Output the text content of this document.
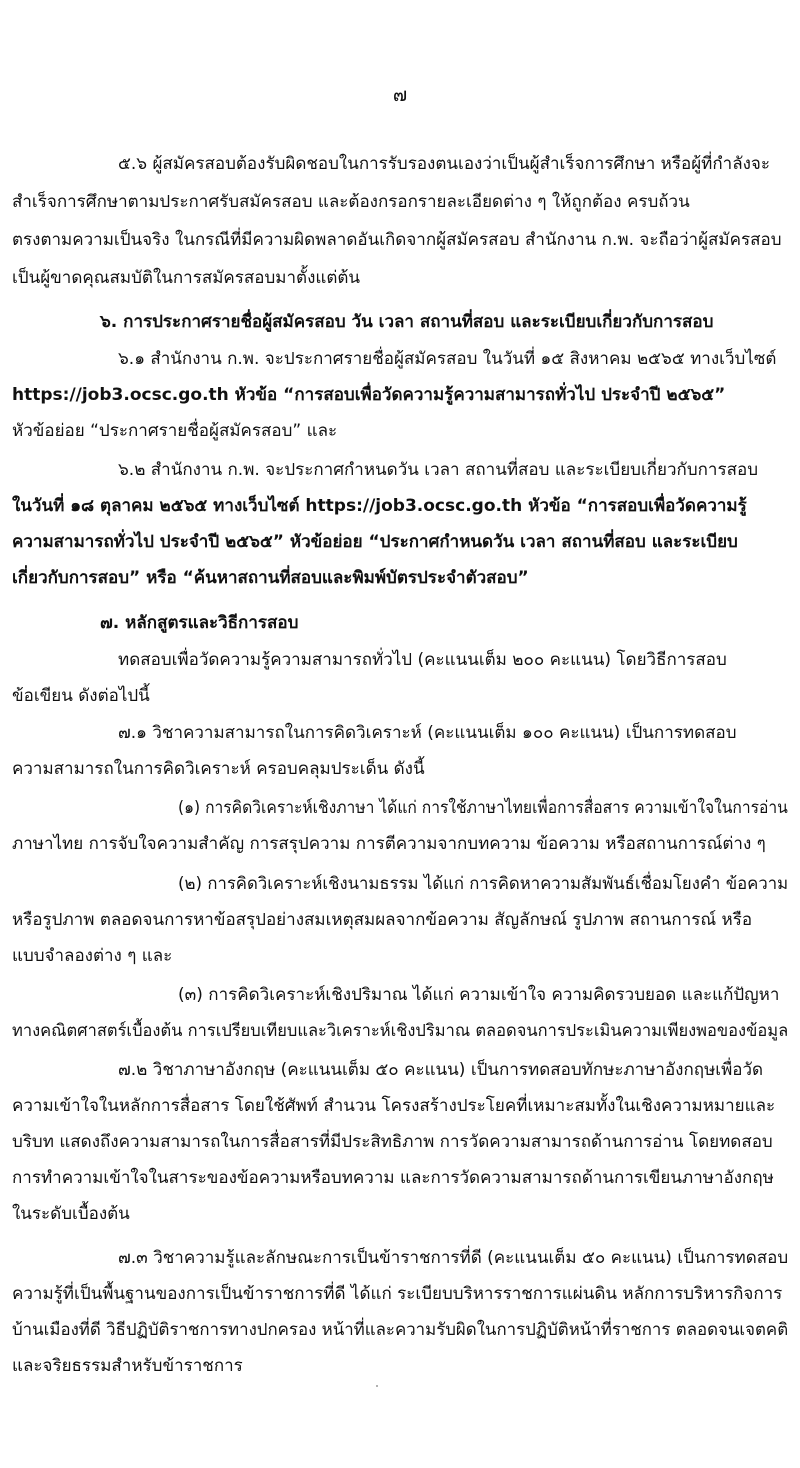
๗
๕.๖ ผู้สมัครสอบต้องรับผิดชอบในการรับรองตนเองว่าเป็นผู้สำเร็จการศึกษา หรือผู้ที่กำลังจะ
สำเร็จการศึกษาตามประกาศรับสมัครสอบ และต้องกรอกรายละเอียดต่าง ๆ ให้ถูกต้อง ครบถ้วน
ตรงตามความเป็นจริง ในกรณีที่มีความผิดพลาดอันเกิดจากผู้สมัครสอบ สำนักงาน ก.พ. จะถือว่าผู้สมัครสอบ
เป็นผู้ขาดคุณสมบัติในการสมัครสอบมาตั้งแต่ต้น
๖. การประกาศรายชื่อผู้สมัครสอบ วัน เวลา สถานที่สอบ และระเบียบเกี่ยวกับการสอบ
๖.๑ สำนักงาน ก.พ. จะประกาศรายชื่อผู้สมัครสอบ ในวันที่ ๑๕ สิงหาคม ๒๕๖๕ ทางเว็บไซต์
https://job3.ocsc.go.th หัวข้อ “การสอบเพื่อวัดความรู้ความสามารถทั่วไป ประจำปี ๒๕๖๕”
หัวข้อย่อย “ประกาศรายชื่อผู้สมัครสอบ” และ
๖.๒ สำนักงาน ก.พ. จะประกาศกำหนดวัน เวลา สถานที่สอบ และระเบียบเกี่ยวกับการสอบ
ในวันที่ ๑๘ ตุลาคม ๒๕๖๕ ทางเว็บไซต์ https://job3.ocsc.go.th หัวข้อ “การสอบเพื่อวัดความรู้
ความสามารถทั่วไป ประจำปี ๒๕๖๕” หัวข้อย่อย “ประกาศกำหนดวัน เวลา สถานที่สอบ และระเบียบ
เกี่ยวกับการสอบ” หรือ “ค้นหาสถานที่สอบและพิมพ์บัตรประจำตัวสอบ”
๗. หลักสูตรและวิธีการสอบ
ทดสอบเพื่อวัดความรู้ความสามารถทั่วไป (คะแนนเต็ม ๒๐๐ คะแนน) โดยวิธีการสอบ
ข้อเขียน ดังต่อไปนี้
๗.๑ วิชาความสามารถในการคิดวิเคราะห์ (คะแนนเต็ม ๑๐๐ คะแนน) เป็นการทดสอบ
ความสามารถในการคิดวิเคราะห์ ครอบคลุมประเด็น ดังนี้
(๑) การคิดวิเคราะห์เชิงภาษา ได้แก่ การใช้ภาษาไทยเพื่อการสื่อสาร ความเข้าใจในการอ่าน
ภาษาไทย การจับใจความสำคัญ การสรุปความ การตีความจากบทความ ข้อความ หรือสถานการณ์ต่าง ๆ
(๒) การคิดวิเคราะห์เชิงนามธรรม ได้แก่ การคิดหาความสัมพันธ์เชื่อมโยงคำ ข้อความ
หรือรูปภาพ ตลอดจนการหาข้อสรุปอย่างสมเหตุสมผลจากข้อความ สัญลักษณ์ รูปภาพ สถานการณ์ หรือ
แบบจำลองต่าง ๆ และ
(๓) การคิดวิเคราะห์เชิงปริมาณ ได้แก่ ความเข้าใจ ความคิดรวบยอด และแก้ปัญหา
ทางคณิตศาสตร์เบื้องต้น การเปรียบเทียบและวิเคราะห์เชิงปริมาณ ตลอดจนการประเมินความเพียงพอของข้อมูล
๗.๒ วิชาภาษาอังกฤษ (คะแนนเต็ม ๕๐ คะแนน) เป็นการทดสอบทักษะภาษาอังกฤษเพื่อวัด
ความเข้าใจในหลักการสื่อสาร โดยใช้ศัพท์ สำนวน โครงสร้างประโยคที่เหมาะสมทั้งในเชิงความหมายและ
บริบท แสดงถึงความสามารถในการสื่อสารที่มีประสิทธิภาพ การวัดความสามารถด้านการอ่าน โดยทดสอบ
การทำความเข้าใจในสาระของข้อความหรือบทความ และการวัดความสามารถด้านการเขียนภาษาอังกฤษ
ในระดับเบื้องต้น
๗.๓ วิชาความรู้และลักษณะการเป็นข้าราชการที่ดี (คะแนนเต็ม ๕๐ คะแนน) เป็นการทดสอบ
ความรู้ที่เป็นพื้นฐานของการเป็นข้าราชการที่ดี ได้แก่ ระเบียบบริหารราชการแผ่นดิน หลักการบริหารกิจการ
บ้านเมืองที่ดี วิธีปฏิบัติราชการทางปกครอง หน้าที่และความรับผิดในการปฏิบัติหน้าที่ราชการ ตลอดจนเจตคติ
และจริยธรรมสำหรับข้าราชการ
